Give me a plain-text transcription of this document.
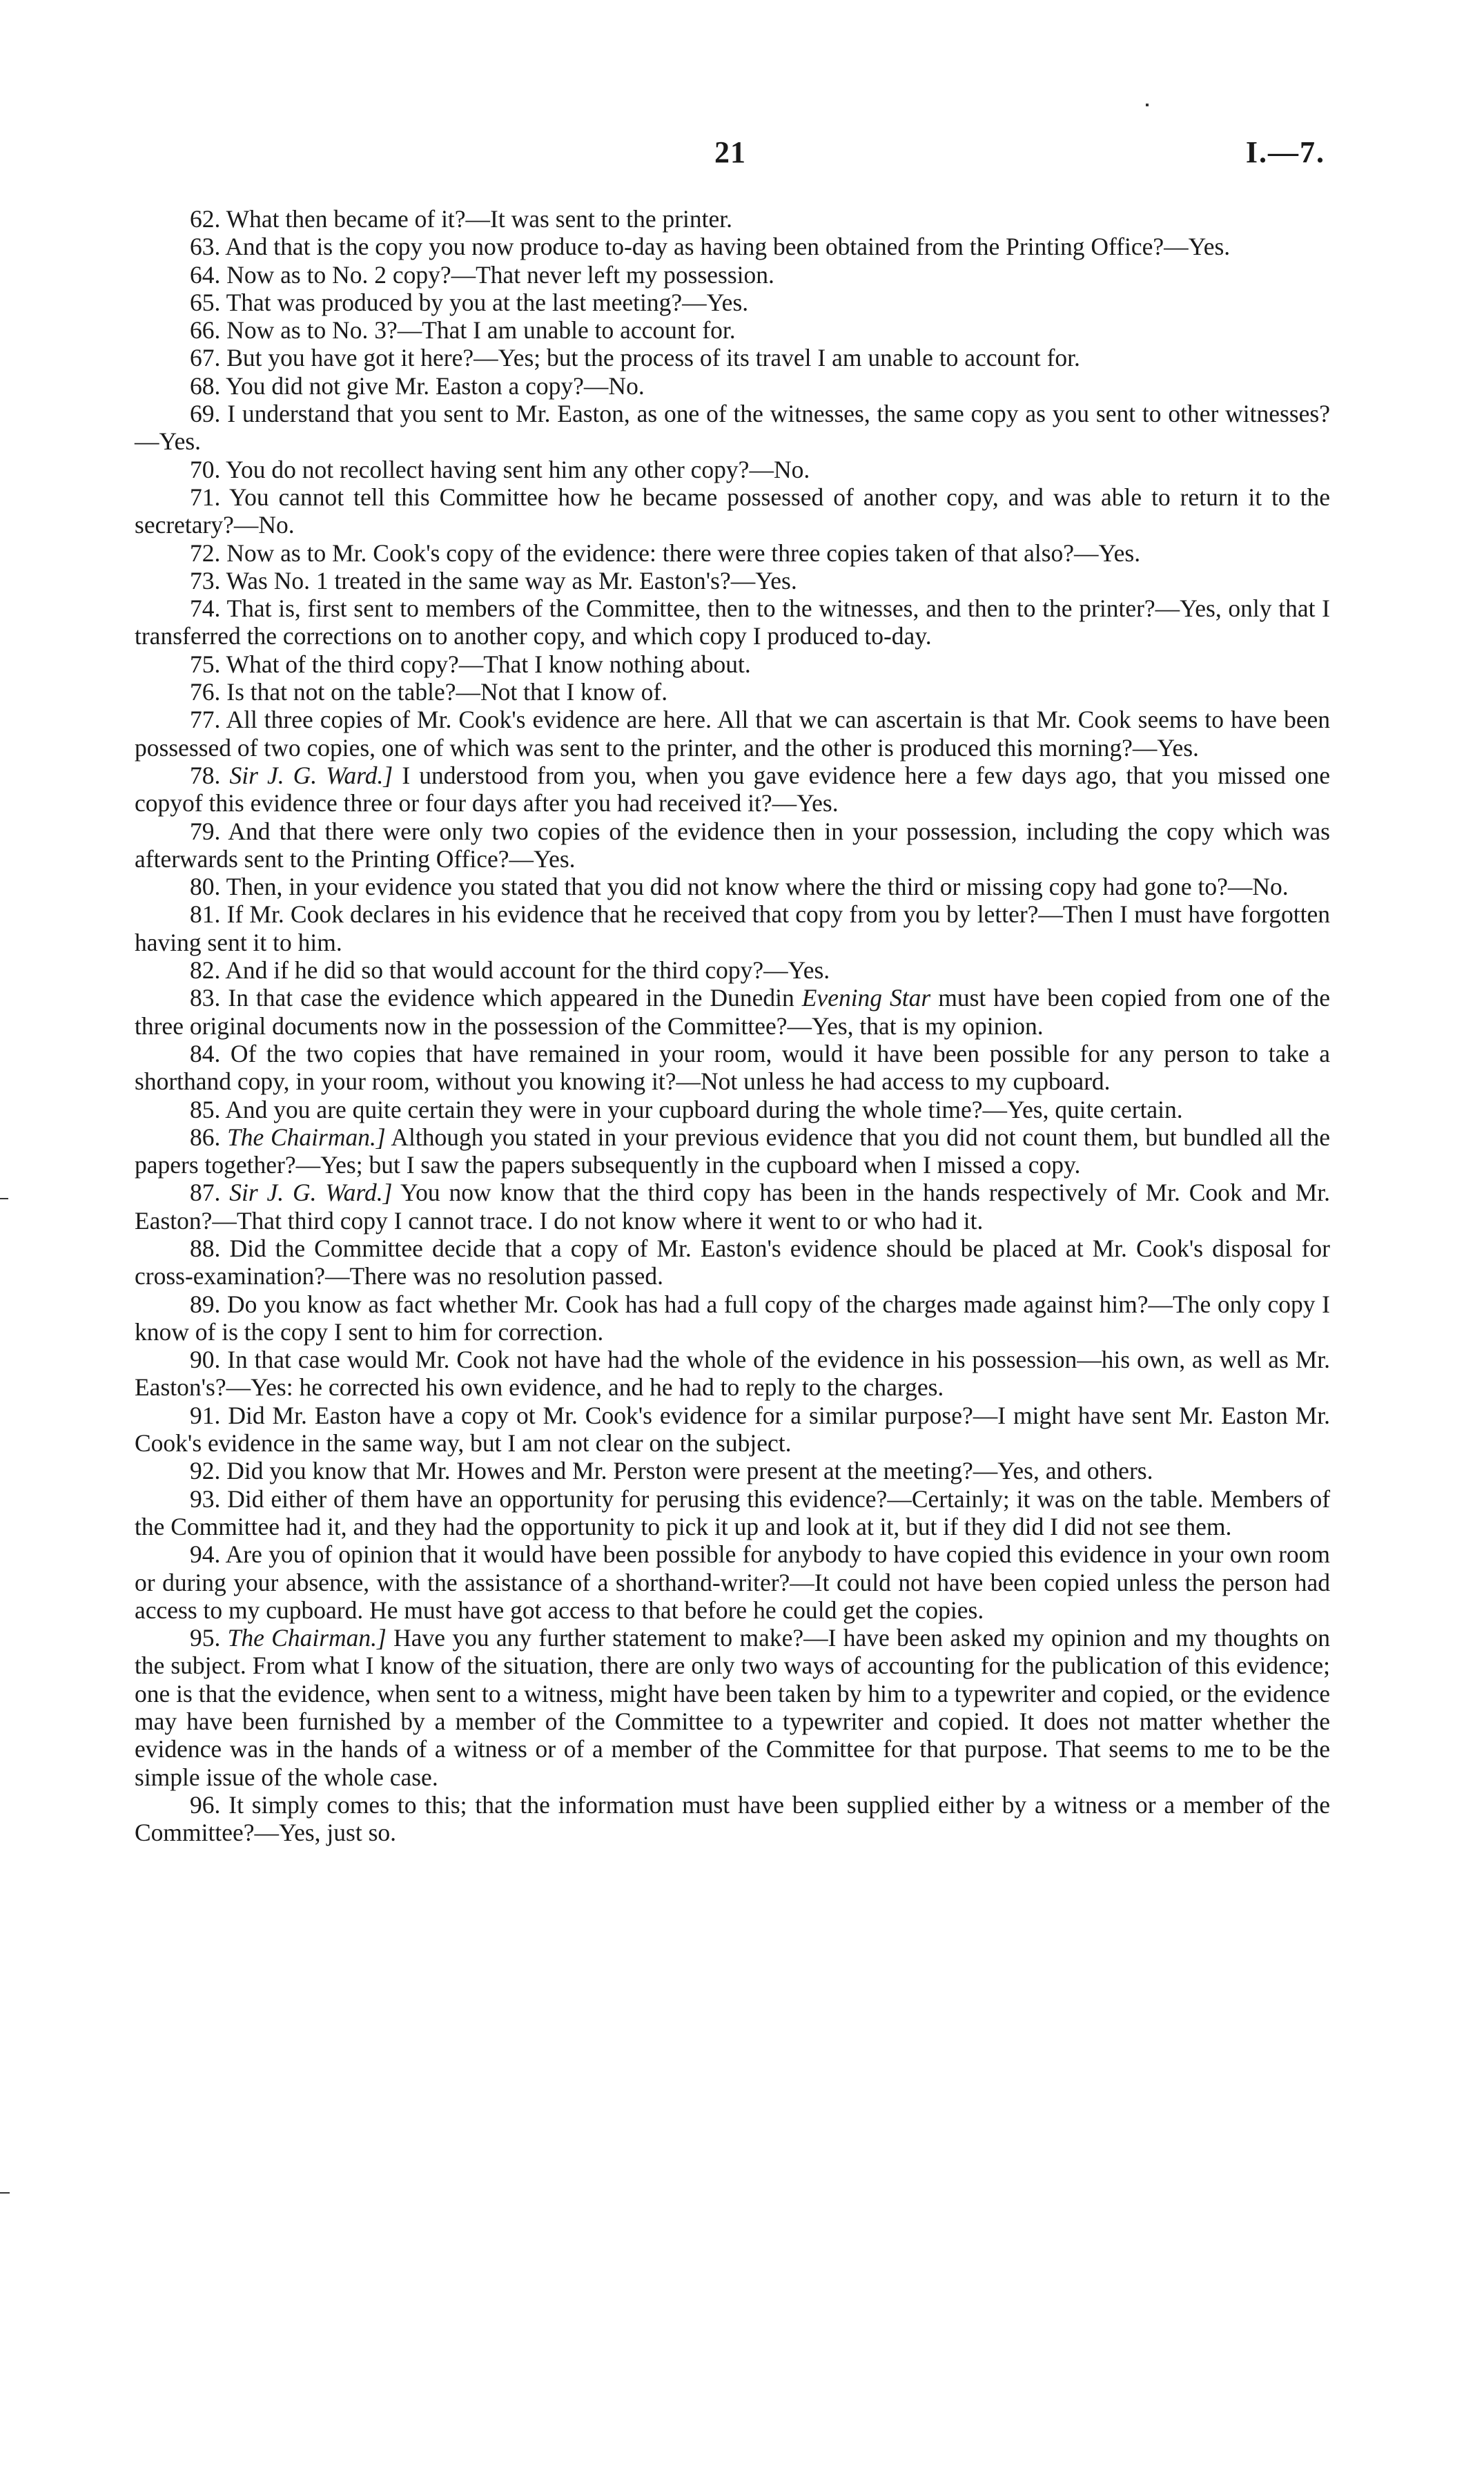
21	I.—7.

62. What then became of it?—It was sent to the printer.

63. And that is the copy you now produce to-day as having been obtained from the Printing Office?—Yes.

64. Now as to No. 2 copy?—That never left my possession.

65. That was produced by you at the last meeting?—Yes.

66. Now as to No. 3?—That I am unable to account for.

67. But you have got it here?—Yes; but the process of its travel I am unable to account for.

68. You did not give Mr. Easton a copy?—No.

69. I understand that you sent to Mr. Easton, as one of the witnesses, the same copy as you sent to other witnesses?—Yes.

70. You do not recollect having sent him any other copy?—No.

71. You cannot tell this Committee how he became possessed of another copy, and was able to return it to the secretary?—No.

72. Now as to Mr. Cook's copy of the evidence: there were three copies taken of that also?—Yes.

73. Was No. 1 treated in the same way as Mr. Easton's?—Yes.

74. That is, first sent to members of the Committee, then to the witnesses, and then to the printer?—Yes, only that I transferred the corrections on to another copy, and which copy I produced to-day.

75. What of the third copy?—That I know nothing about.

76. Is that not on the table?—Not that I know of.

77. All three copies of Mr. Cook's evidence are here. All that we can ascertain is that Mr. Cook seems to have been possessed of two copies, one of which was sent to the printer, and the other is produced this morning?—Yes.

78. Sir J. G. Ward.] I understood from you, when you gave evidence here a few days ago, that you missed one copyof this evidence three or four days after you had received it?—Yes.

79. And that there were only two copies of the evidence then in your possession, including the copy which was afterwards sent to the Printing Office?—Yes.

80. Then, in your evidence you stated that you did not know where the third or missing copy had gone to?—No.

81. If Mr. Cook declares in his evidence that he received that copy from you by letter?—Then I must have forgotten having sent it to him.

82. And if he did so that would account for the third copy?—Yes.

83. In that case the evidence which appeared in the Dunedin Evening Star must have been copied from one of the three original documents now in the possession of the Committee?—Yes, that is my opinion.

84. Of the two copies that have remained in your room, would it have been possible for any person to take a shorthand copy, in your room, without you knowing it?—Not unless he had access to my cupboard.

85. And you are quite certain they were in your cupboard during the whole time?—Yes, quite certain.

86. The Chairman.] Although you stated in your previous evidence that you did not count them, but bundled all the papers together?—Yes; but I saw the papers subsequently in the cupboard when I missed a copy.

87. Sir J. G. Ward.] You now know that the third copy has been in the hands respectively of Mr. Cook and Mr. Easton?—That third copy I cannot trace. I do not know where it went to or who had it.

88. Did the Committee decide that a copy of Mr. Easton's evidence should be placed at Mr. Cook's disposal for cross-examination?—There was no resolution passed.

89. Do you know as fact whether Mr. Cook has had a full copy of the charges made against him?—The only copy I know of is the copy I sent to him for correction.

90. In that case would Mr. Cook not have had the whole of the evidence in his possession—his own, as well as Mr. Easton's?—Yes: he corrected his own evidence, and he had to reply to the charges.

91. Did Mr. Easton have a copy ot Mr. Cook's evidence for a similar purpose?—I might have sent Mr. Easton Mr. Cook's evidence in the same way, but I am not clear on the subject.

92. Did you know that Mr. Howes and Mr. Perston were present at the meeting?—Yes, and others.

93. Did either of them have an opportunity for perusing this evidence?—Certainly; it was on the table. Members of the Committee had it, and they had the opportunity to pick it up and look at it, but if they did I did not see them.

94. Are you of opinion that it would have been possible for anybody to have copied this evidence in your own room or during your absence, with the assistance of a shorthand-writer?—It could not have been copied unless the person had access to my cupboard. He must have got access to that before he could get the copies.

95. The Chairman.] Have you any further statement to make?—I have been asked my opinion and my thoughts on the subject. From what I know of the situation, there are only two ways of accounting for the publication of this evidence; one is that the evidence, when sent to a witness, might have been taken by him to a typewriter and copied, or the evidence may have been furnished by a member of the Committee to a typewriter and copied. It does not matter whether the evidence was in the hands of a witness or of a member of the Committee for that purpose. That seems to me to be the simple issue of the whole case.

96. It simply comes to this; that the information must have been supplied either by a witness or a member of the Committee?—Yes, just so.
